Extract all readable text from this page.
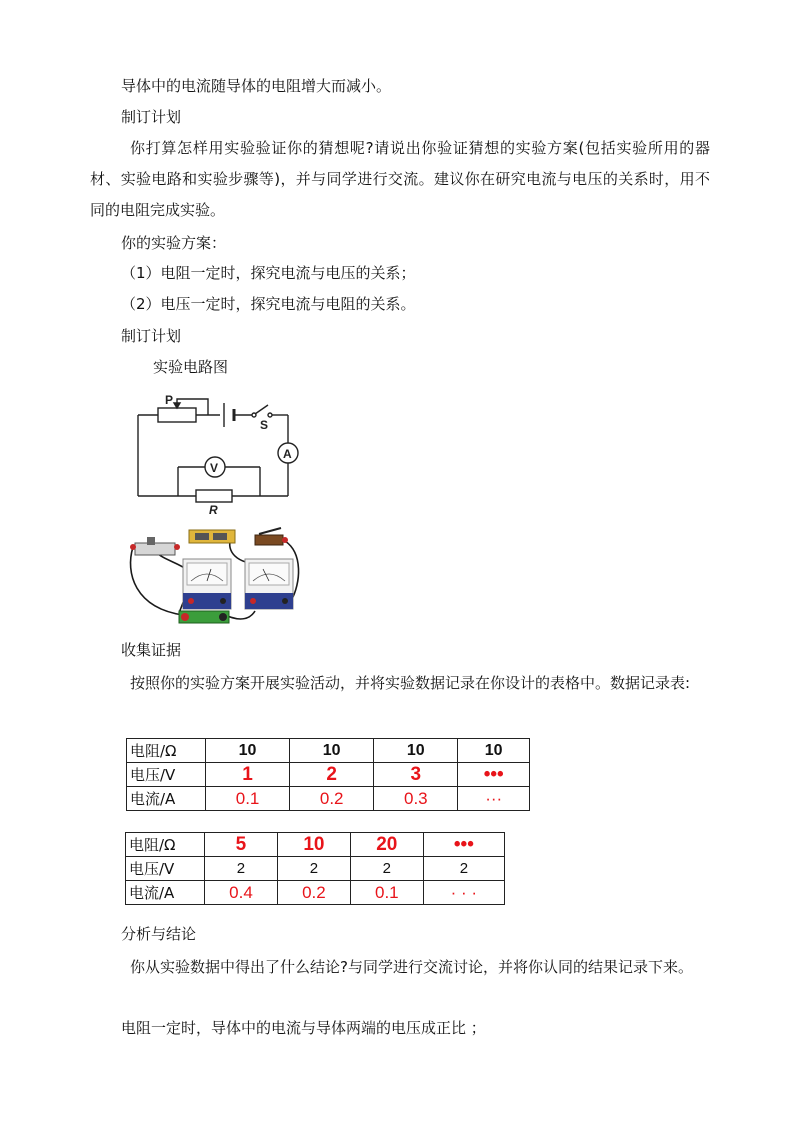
导体中的电流随导体的电阻增大而减小。
制订计划
你打算怎样用实验验证你的猜想呢?请说出你验证猜想的实验方案(包括实验所用的器材、实验电路和实验步骤等)，并与同学进行交流。建议你在研究电流与电压的关系时，用不同的电阻完成实验。
你的实验方案：
（1）电阻一定时，探究电流与电压的关系；
（2）电压一定时，探究电流与电阻的关系。
制订计划
实验电路图
P
S
A
V
R
收集证据
按照你的实验方案开展实验活动，并将实验数据记录在你设计的表格中。数据记录表:
电阻/Ω	10	10	10	10
电压/V	1	2	3	•••
电流/A	0.1	0.2	0.3	···
电阻/Ω	5	10	20	•••
电压/V	2	2	2	2
电流/A	0.4	0.2	0.1	· · ·
分析与结论
你从实验数据中得出了什么结论?与同学进行交流讨论，并将你认同的结果记录下来。
电阻一定时，导体中的电流与导体两端的电压成正比 ；
